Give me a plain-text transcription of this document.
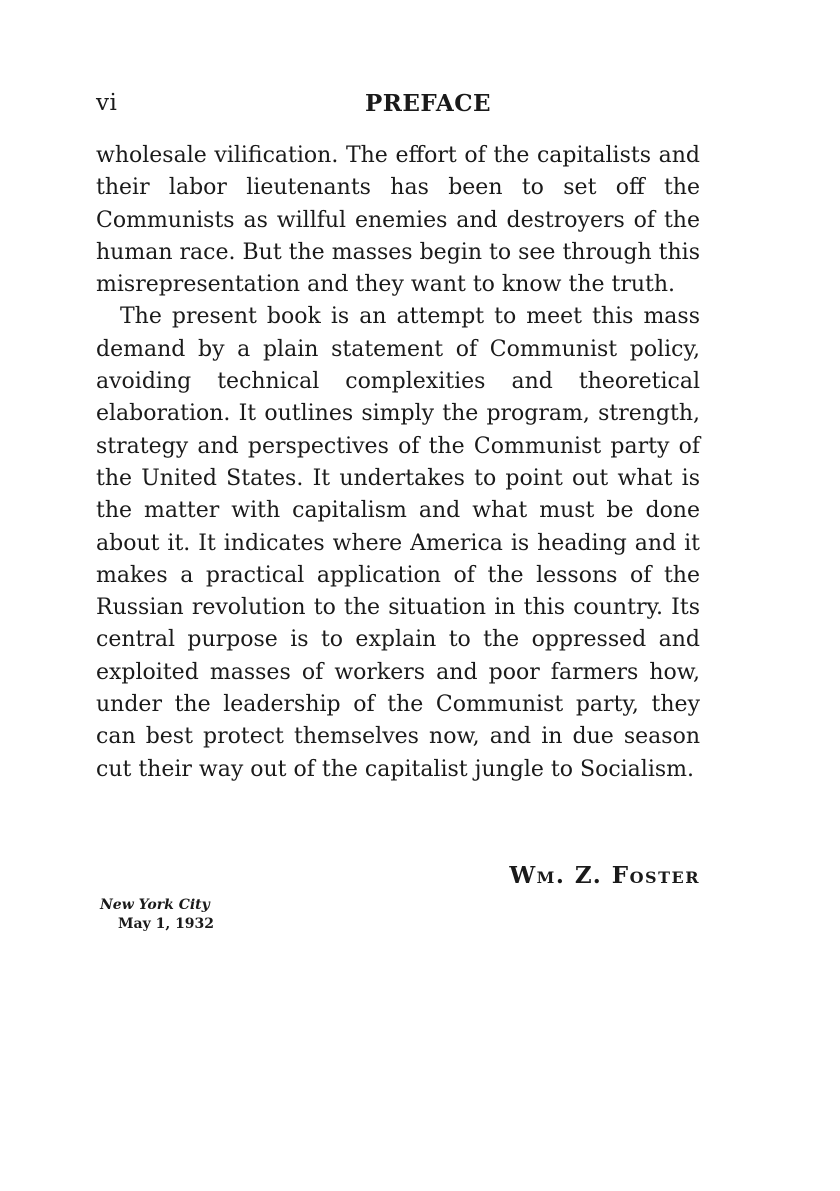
vi	PREFACE

wholesale vilification. The effort of the capitalists and their labor lieutenants has been to set off the Communists as willful enemies and destroyers of the human race. But the masses begin to see through this misrepresentation and they want to know the truth.

The present book is an attempt to meet this mass demand by a plain statement of Communist policy, avoiding technical complexities and theoretical elaboration. It outlines simply the program, strength, strategy and perspectives of the Communist party of the United States. It undertakes to point out what is the matter with capitalism and what must be done about it. It indicates where America is heading and it makes a practical application of the lessons of the Russian revolution to the situation in this country. Its central purpose is to explain to the oppressed and exploited masses of workers and poor farmers how, under the leadership of the Communist party, they can best protect themselves now, and in due season cut their way out of the capitalist jungle to Socialism.

Wm. Z. Foster
New York City
May 1, 1932
